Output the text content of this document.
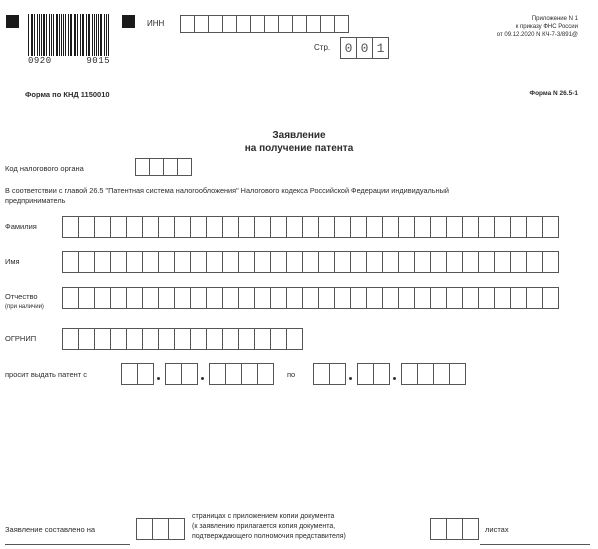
0920	9015
ИНН
Стр.	0 0 1
Приложение N 1
к приказу ФНС России
от 09.12.2020 N КЧ-7-3/891@
Форма по КНД 1150010	Форма N 26.5-1
Заявление
на получение патента
Код налогового органа
В соответствии с главой 26.5 "Патентная система налогообложения" Налогового кодекса Российской Федерации индивидуальный
предприниматель
Фамилия
Имя
Отчество
(при наличии)
ОГРНИП
просит выдать патент с	по
Заявление составлено на
страницах с приложением копии документа
(к заявлению прилагается копия документа,
подтверждающего полномочия представителя)
листах
